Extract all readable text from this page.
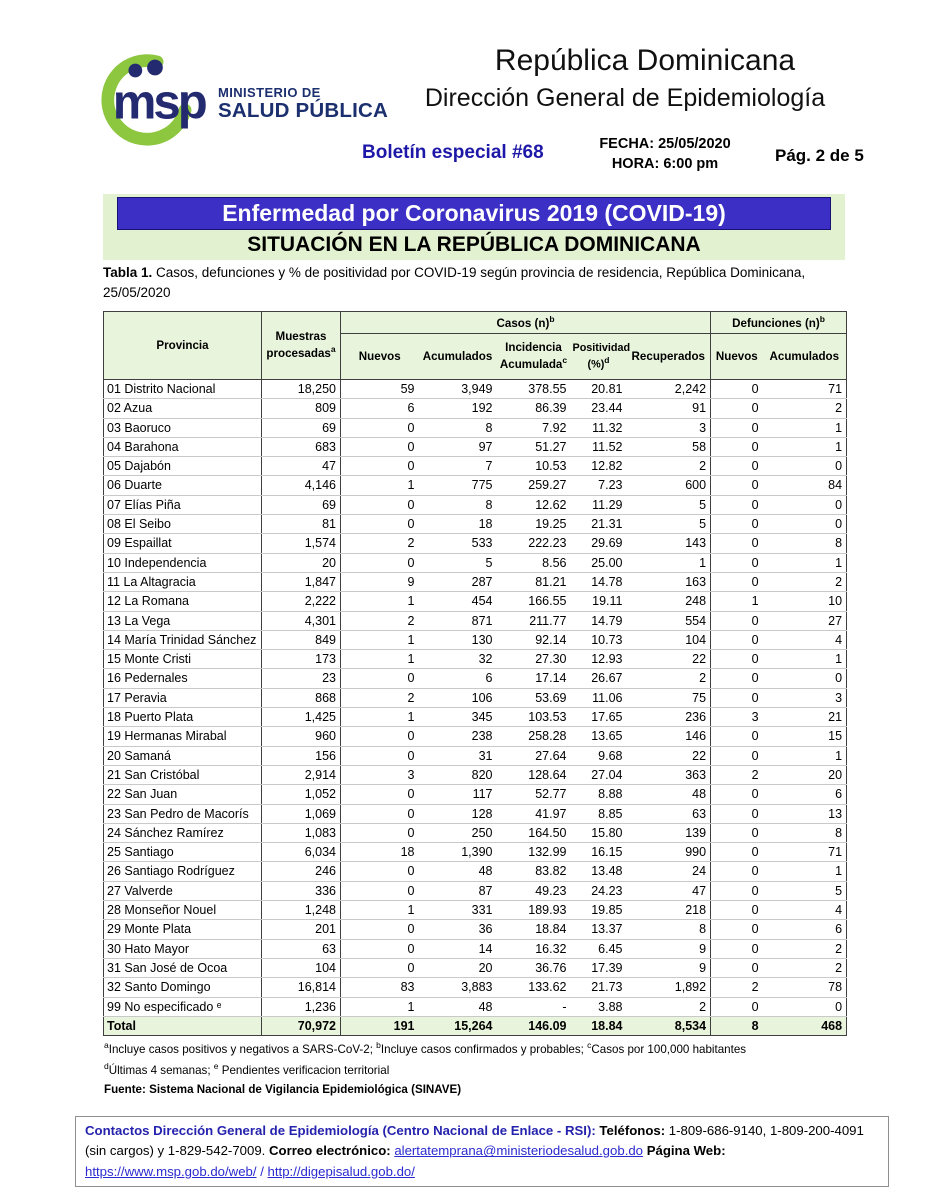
msp MINISTERIO DE
SALUD PÚBLICA
República Dominicana
Dirección General de Epidemiología
Boletín especial #68	FECHA: 25/05/2020
HORA: 6:00 pm	Pág. 2 de 5
Enfermedad por Coronavirus 2019 (COVID-19)
SITUACIÓN EN LA REPÚBLICA DOMINICANA
Tabla 1. Casos, defunciones y % de positividad por COVID-19 según provincia de residencia, República Dominicana, 25/05/2020
Provincia	Muestras procesadas$^a$	Casos $(n)^b$					Defunciones $(n)^b$
		Nuevos	Acumulados	Incidencia Acumulada$^c$	Positividad (%)$^d$	Recuperados	Nuevos	Acumulados
01 Distrito Nacional	18,250	59	3,949	378.55	20.81	2,242	0	71
02 Azua	809	6	192	86.39	23.44	91	0	2
03 Baoruco	69	0	8	7.92	11.32	3	0	1
04 Barahona	683	0	97	51.27	11.52	58	0	1
05 Dajabón	47	0	7	10.53	12.82	2	0	0
06 Duarte	4,146	1	775	259.27	7.23	600	0	84
07 Elías Piña	69	0	8	12.62	11.29	5	0	0
08 El Seibo	81	0	18	19.25	21.31	5	0	0
09 Espaillat	1,574	2	533	222.23	29.69	143	0	8
10 Independencia	20	0	5	8.56	25.00	1	0	1
11 La Altagracia	1,847	9	287	81.21	14.78	163	0	2
12 La Romana	2,222	1	454	166.55	19.11	248	1	10
13 La Vega	4,301	2	871	211.77	14.79	554	0	27
14 María Trinidad Sánchez	849	1	130	92.14	10.73	104	0	4
15 Monte Cristi	173	1	32	27.30	12.93	22	0	1
16 Pedernales	23	0	6	17.14	26.67	2	0	0
17 Peravia	868	2	106	53.69	11.06	75	0	3
18 Puerto Plata	1,425	1	345	103.53	17.65	236	3	21
19 Hermanas Mirabal	960	0	238	258.28	13.65	146	0	15
20 Samaná	156	0	31	27.64	9.68	22	0	1
21 San Cristóbal	2,914	3	820	128.64	27.04	363	2	20
22 San Juan	1,052	0	117	52.77	8.88	48	0	6
23 San Pedro de Macorís	1,069	0	128	41.97	8.85	63	0	13
24 Sánchez Ramírez	1,083	0	250	164.50	15.80	139	0	8
25 Santiago	6,034	18	1,390	132.99	16.15	990	0	71
26 Santiago Rodríguez	246	0	48	83.82	13.48	24	0	1
27 Valverde	336	0	87	49.23	24.23	47	0	5
28 Monseñor Nouel	1,248	1	331	189.93	19.85	218	0	4
29 Monte Plata	201	0	36	18.84	13.37	8	0	6
30 Hato Mayor	63	0	14	16.32	6.45	9	0	2
31 San José de Ocoa	104	0	20	36.76	17.39	9	0	2
32 Santo Domingo	16,814	83	3,883	133.62	21.73	1,892	2	78
99 No especificado ᵉ	1,236	1	48	-	3.88	2	0	0
Total	70,972	191	15,264	146.09	18.84	8,534	8	468
$^a$Incluye casos positivos y negativos a SARS-CoV-2; $^b$Incluye casos confirmados y probables; $^c$Casos por 100,000 habitantes
$^d$Últimas 4 semanas; $^e$ Pendientes verificacion territorial
Fuente: Sistema Nacional de Vigilancia Epidemiológica (SINAVE)
Contactos Dirección General de Epidemiología (Centro Nacional de Enlace - RSI): Teléfonos: 1-809-686-9140, 1-809-200-4091 (sin cargos) y 1-829-542-7009. Correo electrónico: alertatemprana@ministeriodesalud.gob.do Página Web: https://www.msp.gob.do/web/ / http://digepisalud.gob.do/
